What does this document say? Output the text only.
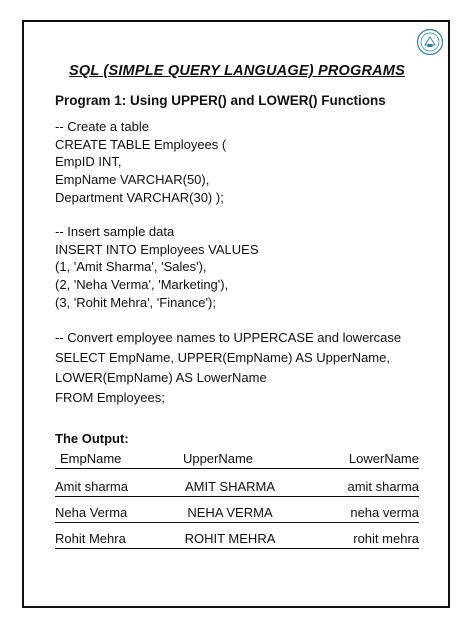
SQL (SIMPLE QUERY LANGUAGE) PROGRAMS
Program 1: Using UPPER() and LOWER() Functions
-- Create a table
CREATE TABLE Employees (
EmpID INT,
EmpName VARCHAR(50),
Department VARCHAR(30) );
-- Insert sample data
INSERT INTO Employees VALUES
(1, 'Amit Sharma', 'Sales'),
(2, 'Neha Verma', 'Marketing'),
(3, 'Rohit Mehra', 'Finance');
-- Convert employee names to UPPERCASE and lowercase
SELECT EmpName, UPPER(EmpName) AS UpperName,
LOWER(EmpName) AS LowerName
FROM Employees;
The Output:
EmpName	UpperName	LowerName
Amit sharma	AMIT SHARMA	amit sharma
Neha Verma	NEHA VERMA	neha verma
Rohit Mehra	ROHIT MEHRA	rohit mehra
